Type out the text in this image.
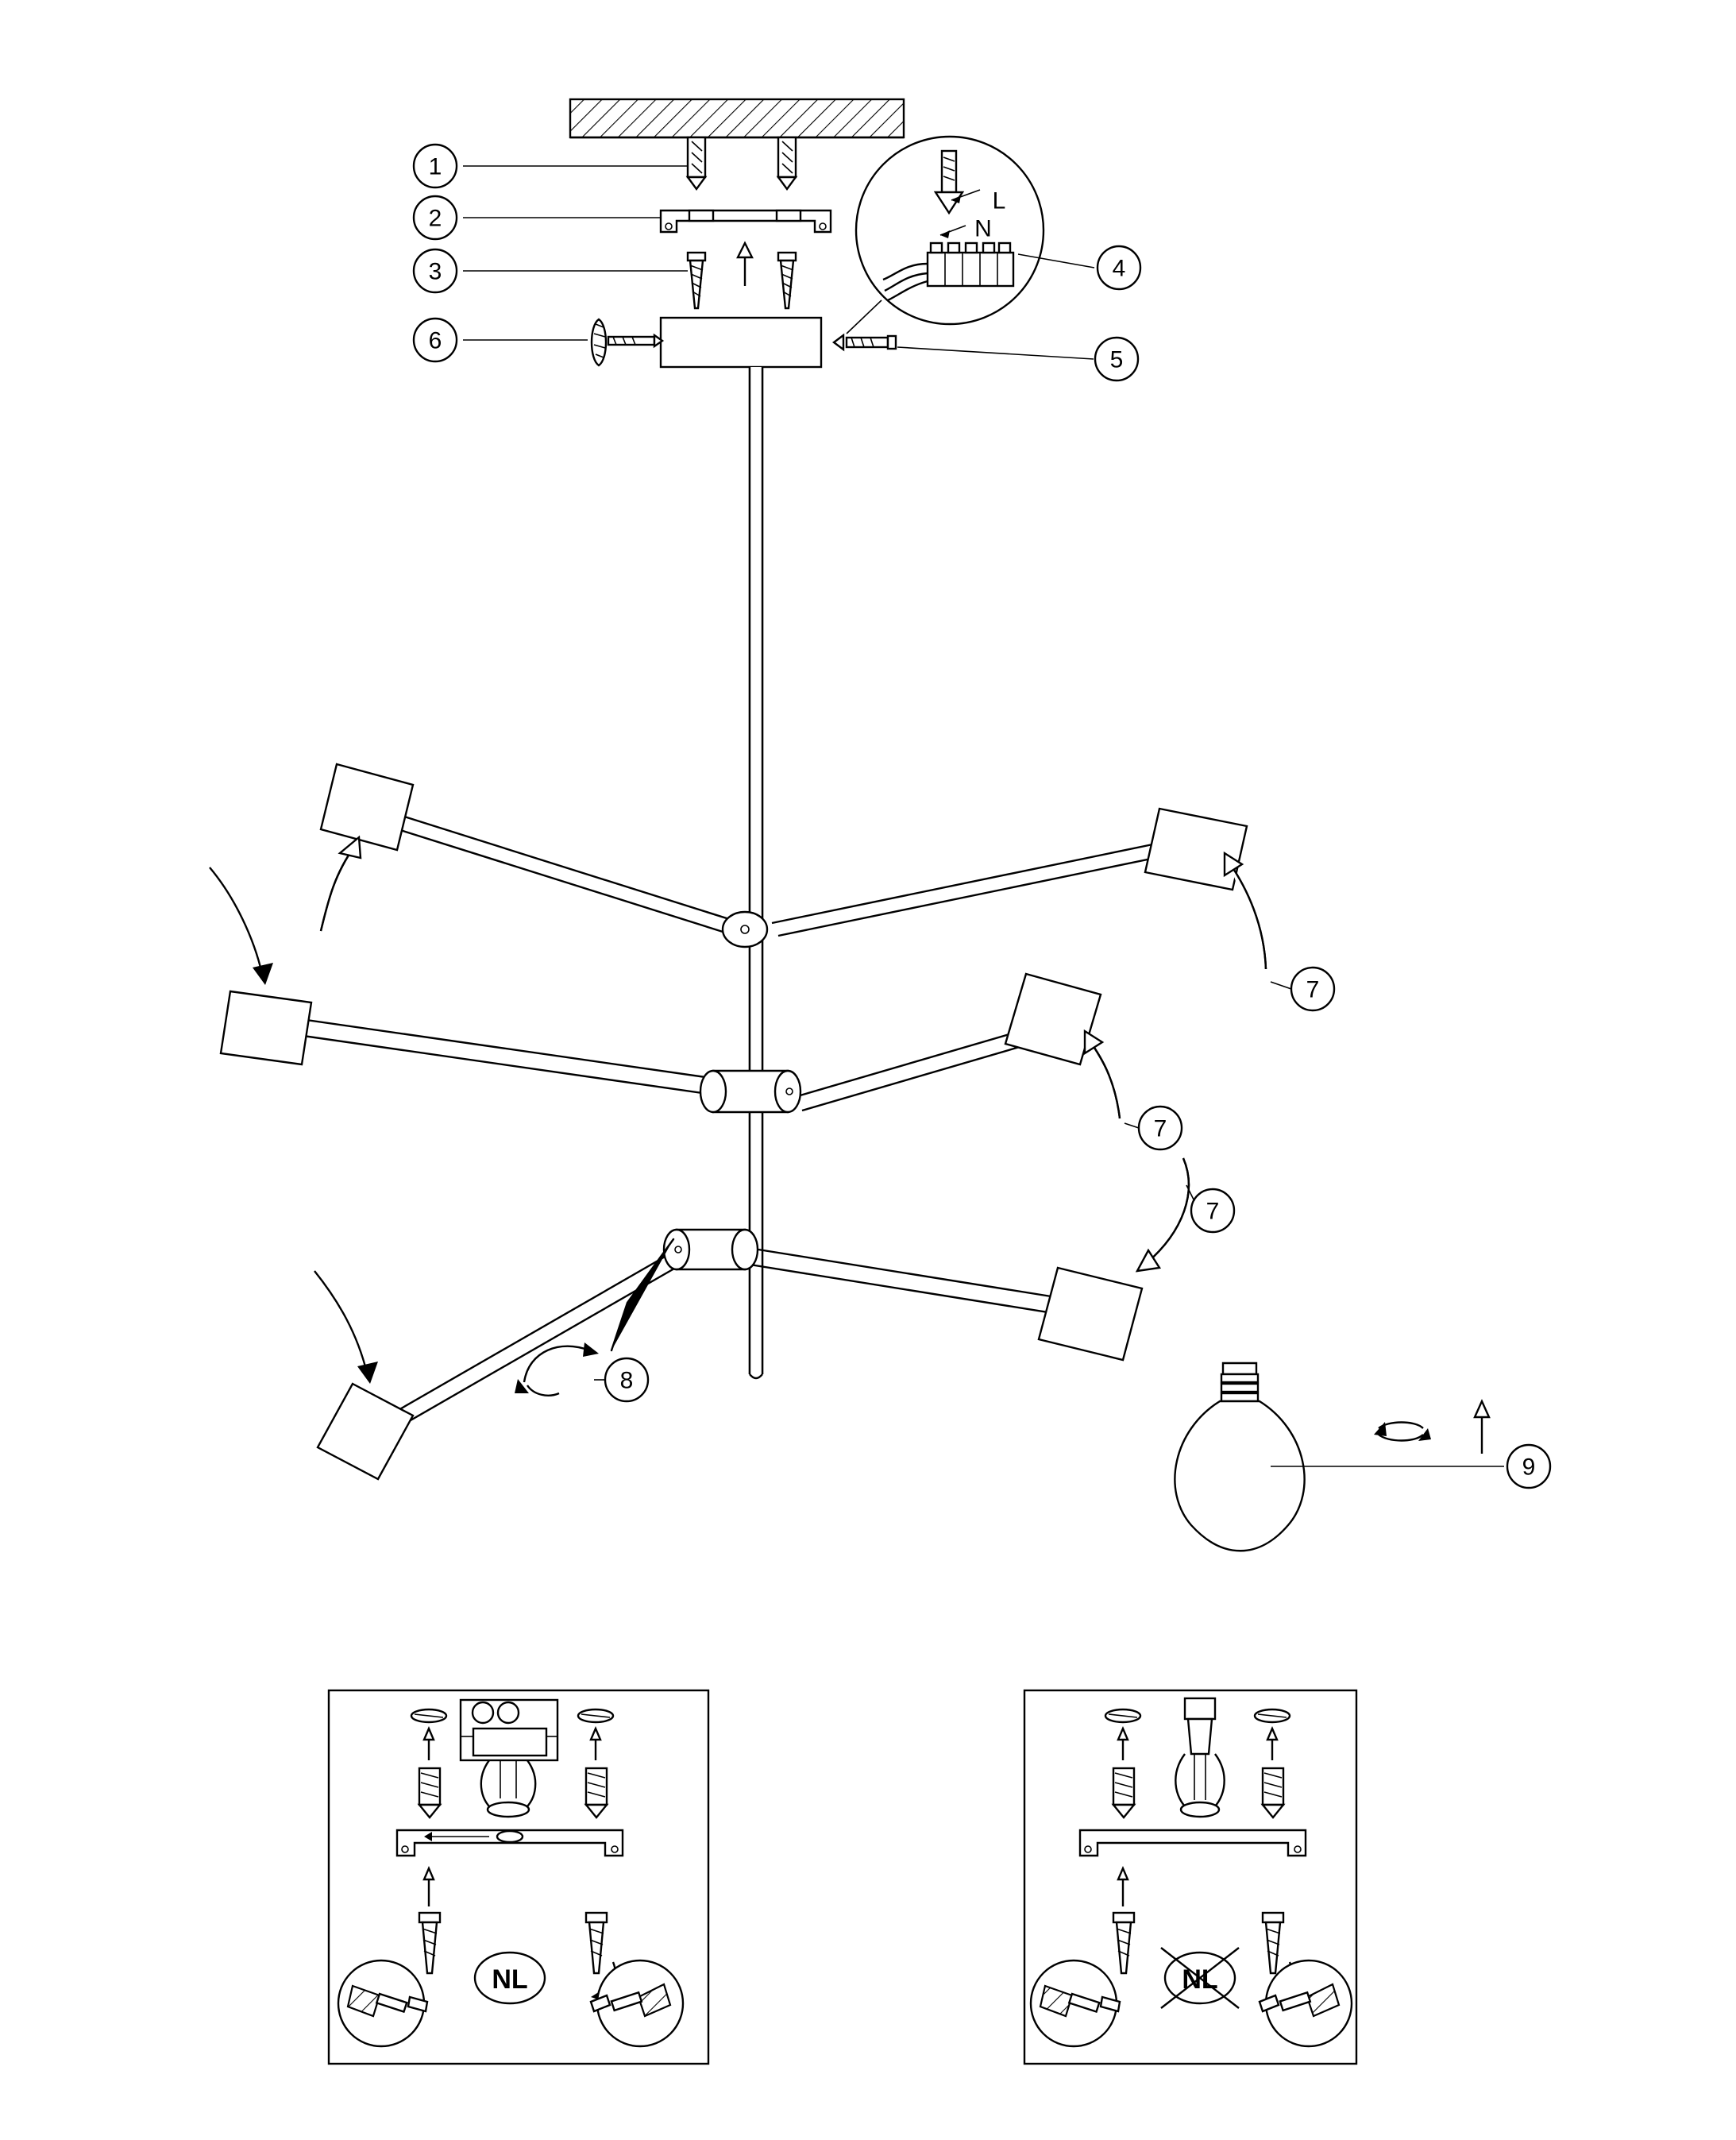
L
N
7
7
7
9
1
2
3	4
5
6
8
NL	NL
